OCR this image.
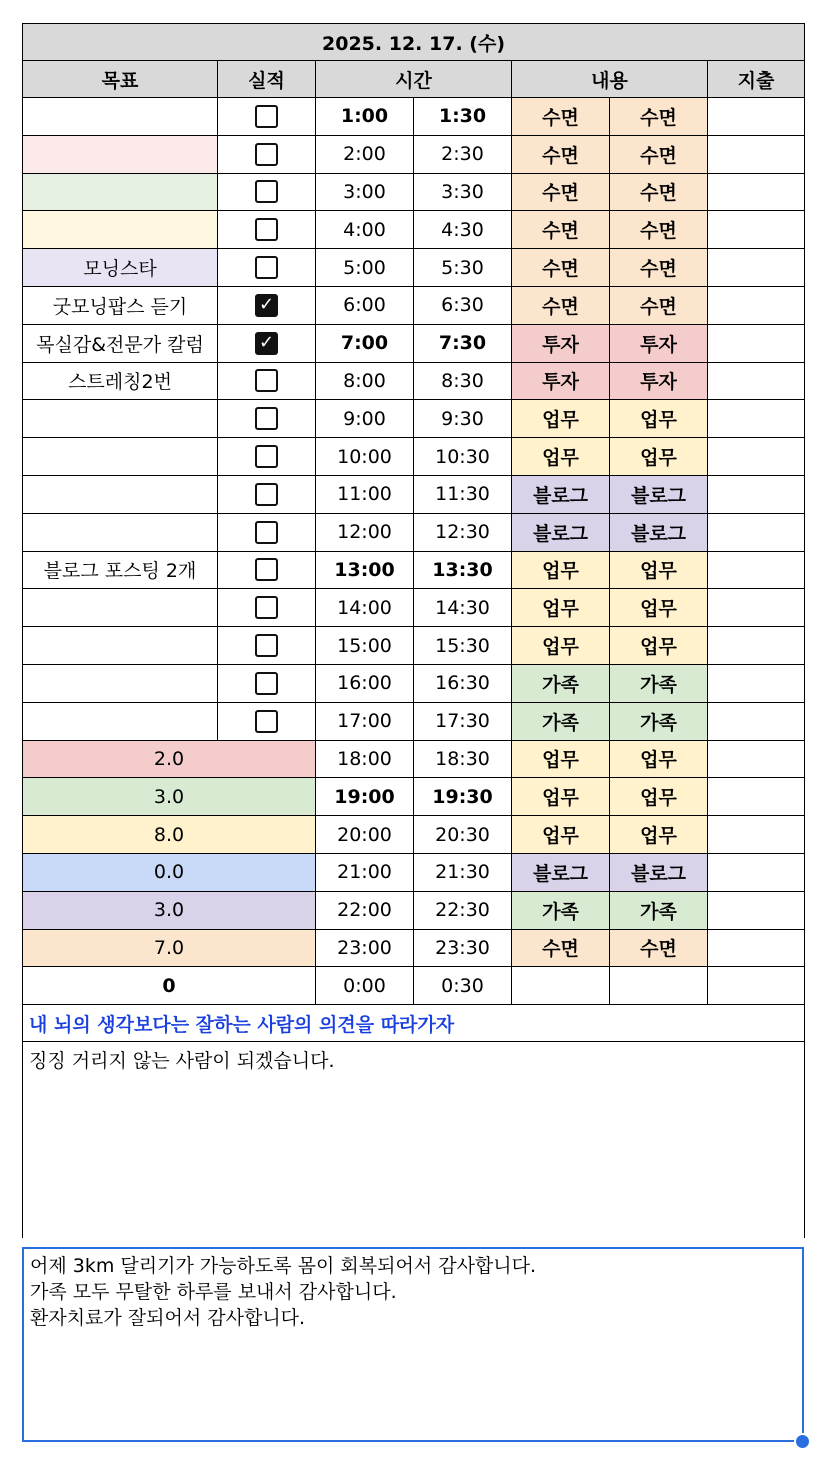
2025. 12. 17. (수)						
목표	실적	시간		내용		지출
		1:00	1:30	수면	수면	
		2:00	2:30	수면	수면	
		3:00	3:30	수면	수면	
		4:00	4:30	수면	수면	
모닝스타		5:00	5:30	수면	수면	
굿모닝팝스 듣기	✓	6:00	6:30	수면	수면	
목실감&전문가 칼럼	✓	7:00	7:30	투자	투자	
스트레칭2번		8:00	8:30	투자	투자	
		9:00	9:30	업무	업무	
		10:00	10:30	업무	업무	
		11:00	11:30	블로그	블로그	
		12:00	12:30	블로그	블로그	
블로그 포스팅 2개		13:00	13:30	업무	업무	
		14:00	14:30	업무	업무	
		15:00	15:30	업무	업무	
		16:00	16:30	가족	가족	
		17:00	17:30	가족	가족	
2.0		18:00	18:30	업무	업무	
3.0		19:00	19:30	업무	업무	
8.0		20:00	20:30	업무	업무	
0.0		21:00	21:30	블로그	블로그	
3.0		22:00	22:30	가족	가족	
7.0		23:00	23:30	수면	수면	
0		0:00	0:30			
내 뇌의 생각보다는 잘하는 사람의 의견을 따라가자						
징징 거리지 않는 사람이 되겠습니다.						
어제 3km 달리기가 가능하도록 몸이 회복되어서 감사합니다.
가족 모두 무탈한 하루를 보내서 감사합니다.
환자치료가 잘되어서 감사합니다.
